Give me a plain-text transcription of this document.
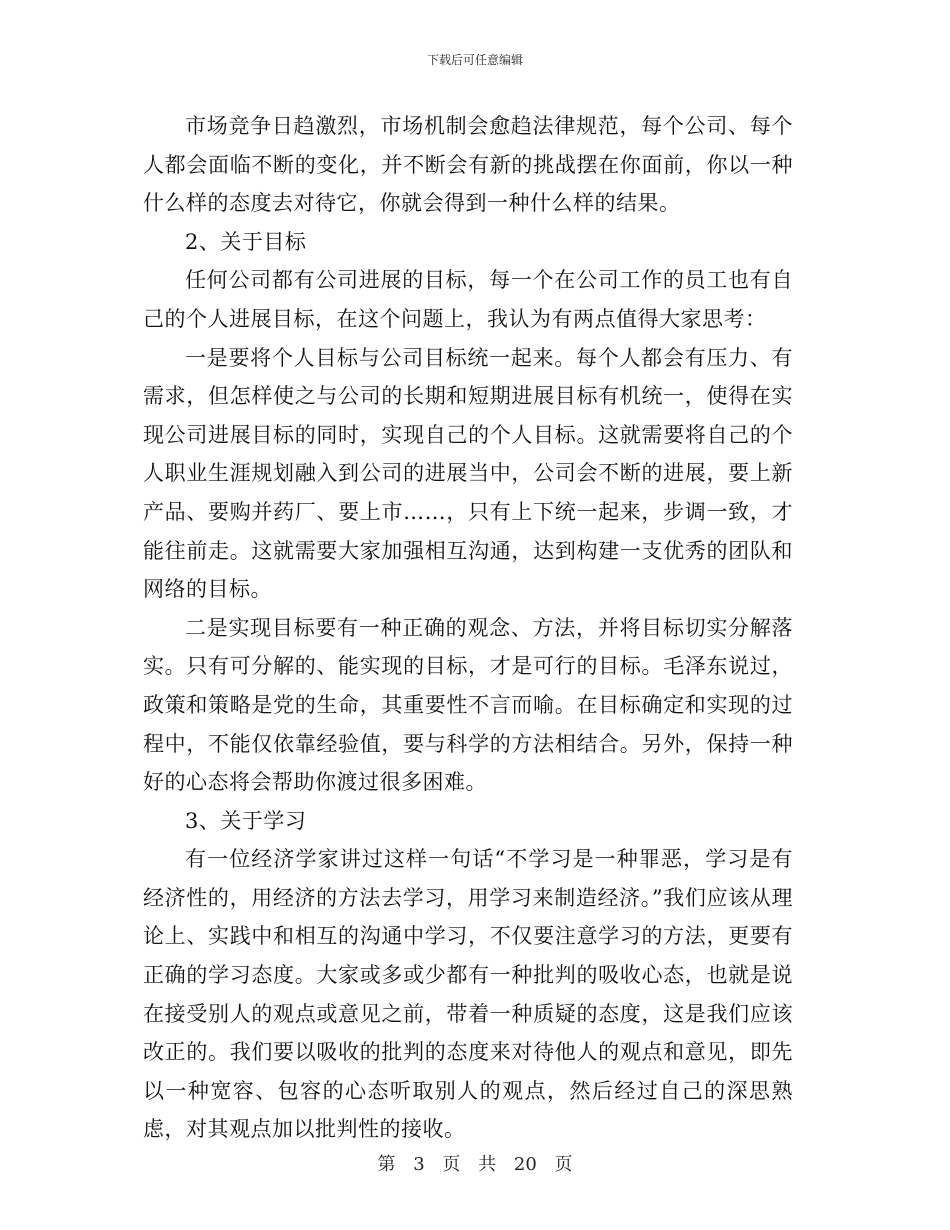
下载后可任意编辑

市场竞争日趋激烈，市场机制会愈趋法律规范，每个公司、每个人都会面临不断的变化，并不断会有新的挑战摆在你面前，你以一种什么样的态度去对待它，你就会得到一种什么样的结果。

2、关于目标

任何公司都有公司进展的目标，每一个在公司工作的员工也有自己的个人进展目标，在这个问题上，我认为有两点值得大家思考：

一是要将个人目标与公司目标统一起来。每个人都会有压力、有需求，但怎样使之与公司的长期和短期进展目标有机统一，使得在实现公司进展目标的同时，实现自己的个人目标。这就需要将自己的个人职业生涯规划融入到公司的进展当中，公司会不断的进展，要上新产品、要购并药厂、要上市……，只有上下统一起来，步调一致，才能往前走。这就需要大家加强相互沟通，达到构建一支优秀的团队和网络的目标。

二是实现目标要有一种正确的观念、方法，并将目标切实分解落实。只有可分解的、能实现的目标，才是可行的目标。毛泽东说过，政策和策略是党的生命，其重要性不言而喻。在目标确定和实现的过程中，不能仅依靠经验值，要与科学的方法相结合。另外，保持一种好的心态将会帮助你渡过很多困难。

3、关于学习

有一位经济学家讲过这样一句话“不学习是一种罪恶，学习是有经济性的，用经济的方法去学习，用学习来制造经济。”我们应该从理论上、实践中和相互的沟通中学习，不仅要注意学习的方法，更要有正确的学习态度。大家或多或少都有一种批判的吸收心态，也就是说在接受别人的观点或意见之前，带着一种质疑的态度，这是我们应该改正的。我们要以吸收的批判的态度来对待他人的观点和意见，即先以一种宽容、包容的心态听取别人的观点，然后经过自己的深思熟虑，对其观点加以批判性的接收。

第 3 页 共 20 页
